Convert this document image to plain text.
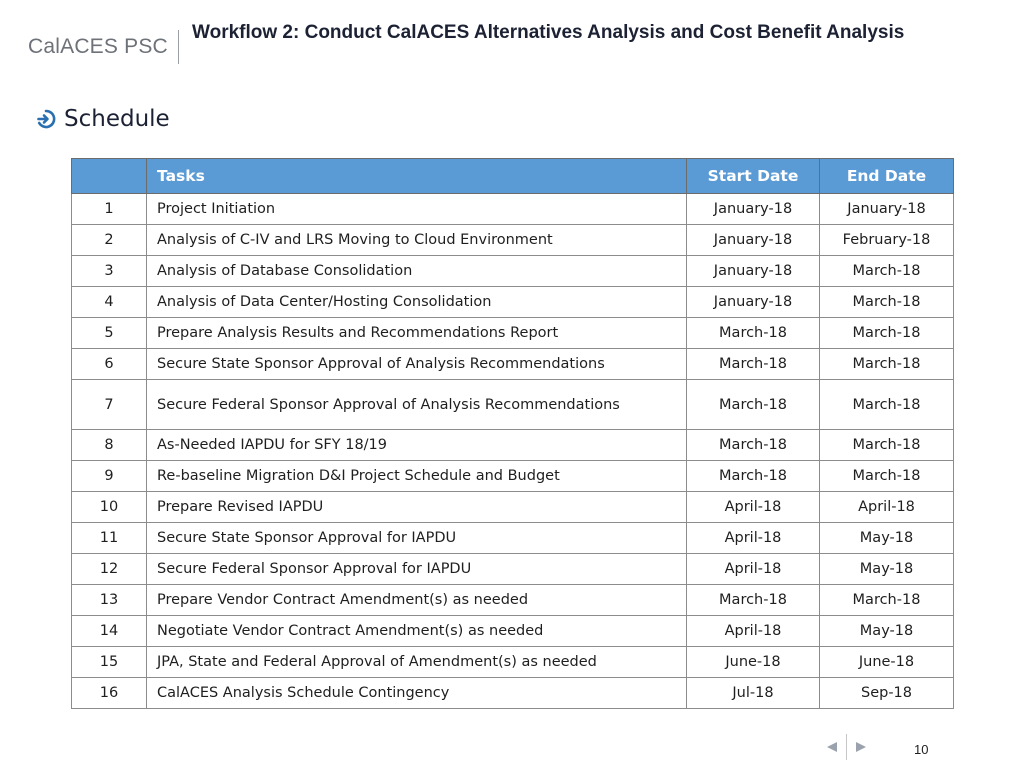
CalACES PSC
Workflow 2: Conduct CalACES Alternatives Analysis and Cost Benefit Analysis
Schedule
	Tasks	Start Date	End Date
1	Project Initiation	January-18	January-18
2	Analysis of C-IV and LRS Moving to Cloud Environment	January-18	February-18
3	Analysis of Database Consolidation	January-18	March-18
4	Analysis of Data Center/Hosting Consolidation	January-18	March-18
5	Prepare Analysis Results and Recommendations Report	March-18	March-18
6	Secure State Sponsor Approval of Analysis Recommendations	March-18	March-18
7	Secure Federal Sponsor Approval of Analysis Recommendations	March-18	March-18
8	As-Needed IAPDU for SFY 18/19	March-18	March-18
9	Re-baseline Migration D&I Project Schedule and Budget	March-18	March-18
10	Prepare Revised IAPDU	April-18	April-18
11	Secure State Sponsor Approval for IAPDU	April-18	May-18
12	Secure Federal Sponsor Approval for IAPDU	April-18	May-18
13	Prepare Vendor Contract Amendment(s) as needed	March-18	March-18
14	Negotiate Vendor Contract Amendment(s) as needed	April-18	May-18
15	JPA, State and Federal Approval of Amendment(s) as needed	June-18	June-18
16	CalACES Analysis Schedule Contingency	Jul-18	Sep-18
10
